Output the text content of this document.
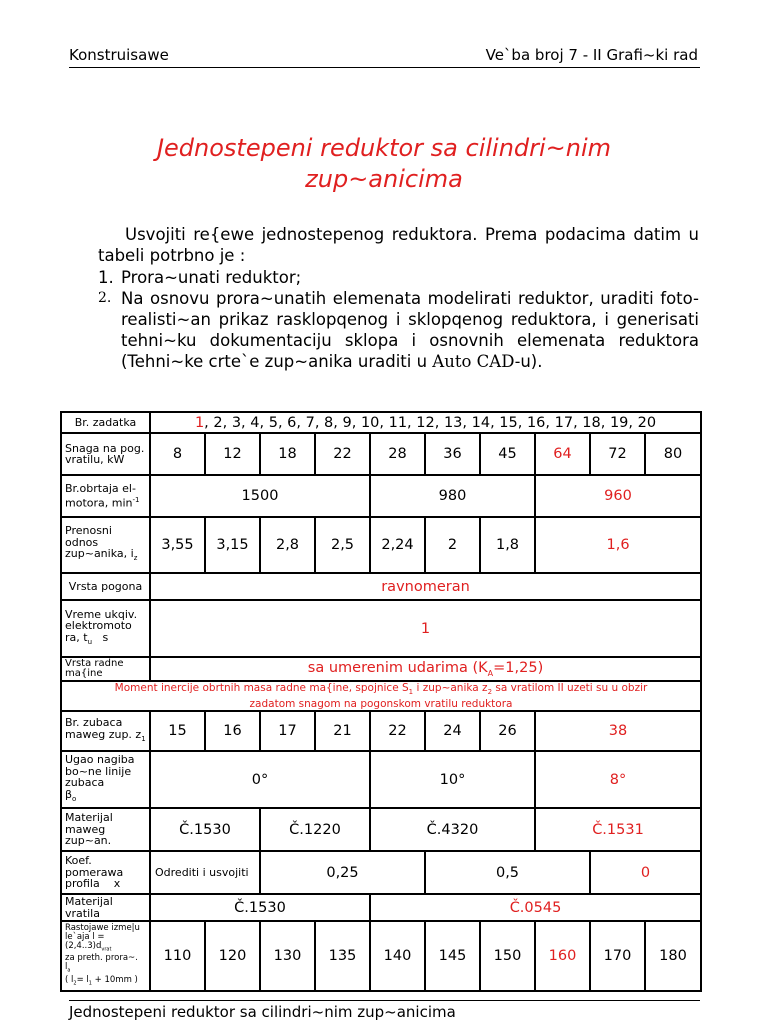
Konstruisawe	Ve`ba broj 7 - II Grafi~ki rad
Jednostepeni reduktor sa cilindri~nim
zup~anicima

Usvojiti re{ewe jednostepenog reduktora. Prema podacima datim u tabeli potrbno je :

1. Prora~unati reduktor;
2. Na osnovu prora~unatih elemenata modelirati reduktor, uraditi foto-realisti~an prikaz rasklopqenog i sklopqenog reduktora, i generisati tehni~ku dokumentaciju sklopa i osnovnih elemenata reduktora (Tehni~ke crte`e zup~anika uraditi u Auto CAD-u).
Br. zadatka	1, 2, 3, 4, 5, 6, 7, 8, 9, 10, 11, 12, 13, 14, 15, 16, 17, 18, 19, 20									
Snaga na pog. vratilu, kW	8	12	18	22	28	36	45	64	72	80
Br.obrtaja el-motora, $\min^{-1}$	1500				980			960		
Prenosni odnos zup~anika, $i_z$	3,55	3,15	2,8	2,5	2,24	2	1,8	1,6		
Vrsta pogona	ravnomeran									
Vreme ukqiv. elektromoto ra, $t_u$ s	1									
Vrsta radne ma{ine	sa umerenim udarima $(K_A=1,25)$									

Moment inercije obrtnih masa radne ma{ine, spojnice $S_1$ i zup~anika $z_2$ sa vratilom II uzeti su u obzir
zadatom snagom na pogonskom vratilu reduktora										

Br. zubaca maweg zup. $z_1$	15	16	17	21	22	24	26	38		
Ugao nagiba bo~ne linije zubaca
$\beta_o$	0°				10°			8°		
Materijal maweg zup~an.	Č.1530		Č.1220		Č.4320			Č.1531		
Koef. pomerawa profila x	Odrediti i usvojiti		0,25			0,5			0	
Materijal vratila	Č.1530				Č.0545					

Rastojawe izme|u le`aja l =
$(2,4..3)d_{vrat}$
za preth. prora~.
$l_a$
( $l_2= l_1 + 10mm$ )	110	120	130	135	140	145	150	160	170	180
Jednostepeni reduktor sa cilindri~nim zup~anicima
